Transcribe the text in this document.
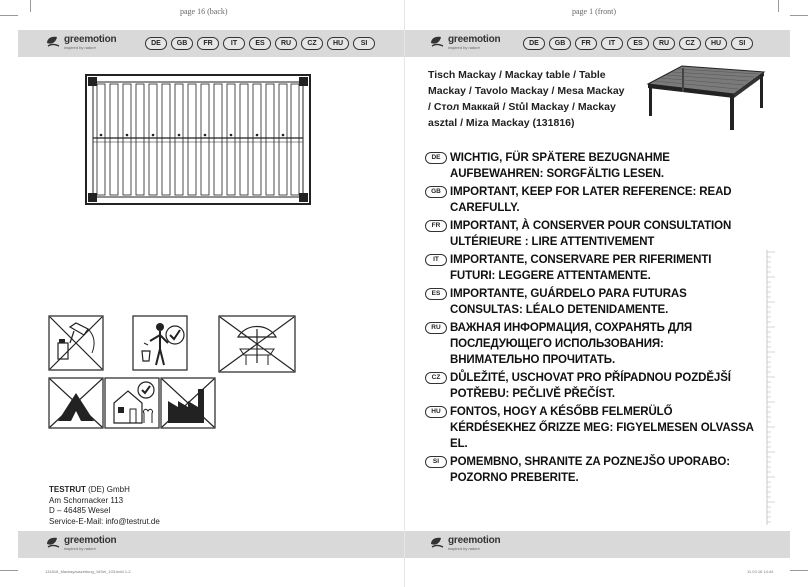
page 16 (back)	page 1 (front)
greemotion
inspired by nature	DE	GB	FR	IT	ES	RU	CZ	HU	SI	greemotion
inspired by nature	DE	GB	FR	IT	ES	RU	CZ	HU	SI
TESTRUT (DE) GmbH
Am Schornacker 113
D – 46485 Wesel
Service-E-Mail: info@testrut.de
Tisch Mackay / Mackay table / Table Mackay / Tavolo Mackay / Mesa Mackay / Стол Маккай / Stůl Mackay / Mackay asztal / Miza Mackay (131816)
DE WICHTIG, FÜR SPÄTERE BEZUGNAHME AUFBEWAHREN: SORGFÄLTIG LESEN.
GB IMPORTANT, KEEP FOR LATER REFERENCE: READ CAREFULLY.
FR IMPORTANT, À CONSERVER POUR CONSULTATION ULTÉRIEURE : LIRE ATTENTIVEMENT
IT IMPORTANTE, CONSERVARE PER RIFERIMENTI FUTURI: LEGGERE ATTENTAMENTE.
ES IMPORTANTE, GUÁRDELO PARA FUTURAS CONSULTAS: LÉALO DETENIDAMENTE.
RU ВАЖНАЯ ИНФОРМАЦИЯ, СОХРАНЯТЬ ДЛЯ ПОСЛЕДУЮЩЕГО ИСПОЛЬЗОВАНИЯ: ВНИМАТЕЛЬНО ПРОЧИТАТЬ.
CZ DŮLEŽITÉ, USCHOVAT PRO PŘÍPADNOU POZDĚJŠÍ POTŘEBU: PEČLIVĚ PŘEČÍST.
HU FONTOS, HOGY A KÉSŐBB FELMERÜLŐ KÉRDÉSEKHEZ ŐRIZZE MEG: FIGYELMESEN OLVASSA EL.
SI POMEMBNO, SHRANITE ZA POZNEJŠO UPORABO: POZORNO PREBERITE.
greemotion
inspired by nature
greemotion
inspired by nature
131816_Mackayauszeitung_16Sei_103.indd 1-2	11.03.16 14:44
